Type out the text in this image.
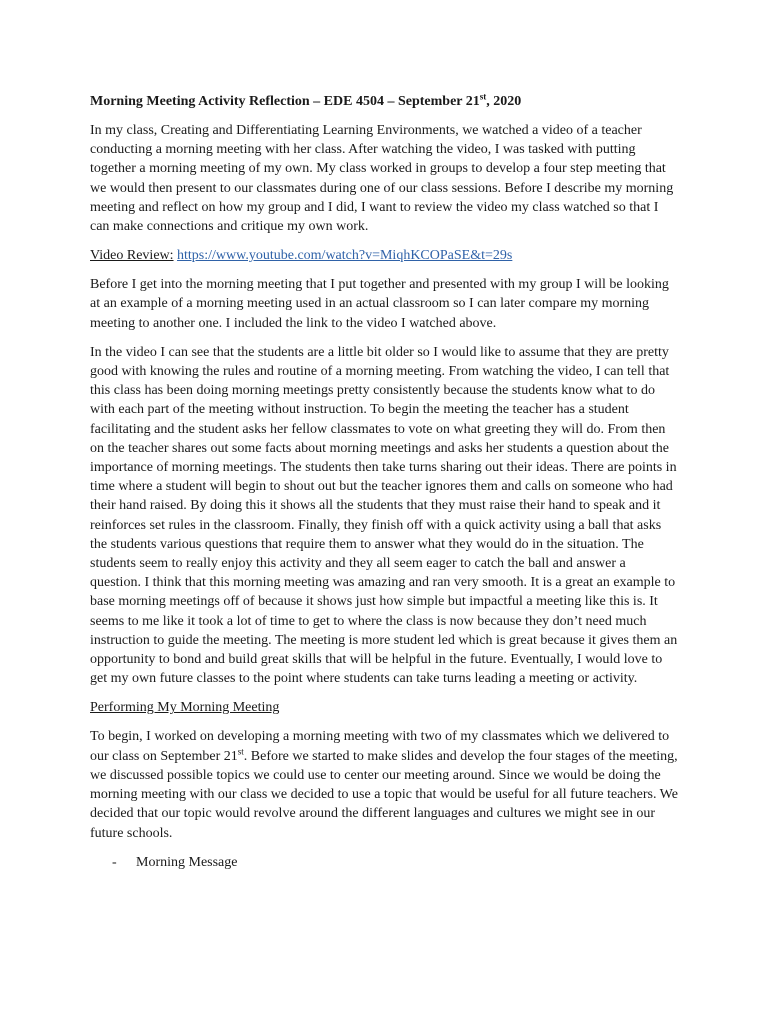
Morning Meeting Activity Reflection – EDE 4504 – September 21st, 2020

In my class, Creating and Differentiating Learning Environments, we watched a video of a teacher conducting a morning meeting with her class. After watching the video, I was tasked with putting together a morning meeting of my own. My class worked in groups to develop a four step meeting that we would then present to our classmates during one of our class sessions. Before I describe my morning meeting and reflect on how my group and I did, I want to review the video my class watched so that I can make connections and critique my own work.

Video Review: https://www.youtube.com/watch?v=MiqhKCOPaSE&t=29s

Before I get into the morning meeting that I put together and presented with my group I will be looking at an example of a morning meeting used in an actual classroom so I can later compare my morning meeting to another one. I included the link to the video I watched above.

In the video I can see that the students are a little bit older so I would like to assume that they are pretty good with knowing the rules and routine of a morning meeting. From watching the video, I can tell that this class has been doing morning meetings pretty consistently because the students know what to do with each part of the meeting without instruction. To begin the meeting the teacher has a student facilitating and the student asks her fellow classmates to vote on what greeting they will do. From then on the teacher shares out some facts about morning meetings and asks her students a question about the importance of morning meetings. The students then take turns sharing out their ideas. There are points in time where a student will begin to shout out but the teacher ignores them and calls on someone who had their hand raised. By doing this it shows all the students that they must raise their hand to speak and it reinforces set rules in the classroom. Finally, they finish off with a quick activity using a ball that asks the students various questions that require them to answer what they would do in the situation. The students seem to really enjoy this activity and they all seem eager to catch the ball and answer a question. I think that this morning meeting was amazing and ran very smooth. It is a great an example to base morning meetings off of because it shows just how simple but impactful a meeting like this is. It seems to me like it took a lot of time to get to where the class is now because they don’t need much instruction to guide the meeting. The meeting is more student led which is great because it gives them an opportunity to bond and build great skills that will be helpful in the future. Eventually, I would love to get my own future classes to the point where students can take turns leading a meeting or activity.

Performing My Morning Meeting

To begin, I worked on developing a morning meeting with two of my classmates which we delivered to our class on September 21st. Before we started to make slides and develop the four stages of the meeting, we discussed possible topics we could use to center our meeting around. Since we would be doing the morning meeting with our class we decided to use a topic that would be useful for all future teachers. We decided that our topic would revolve around the different languages and cultures we might see in our future schools.

-	Morning Message
